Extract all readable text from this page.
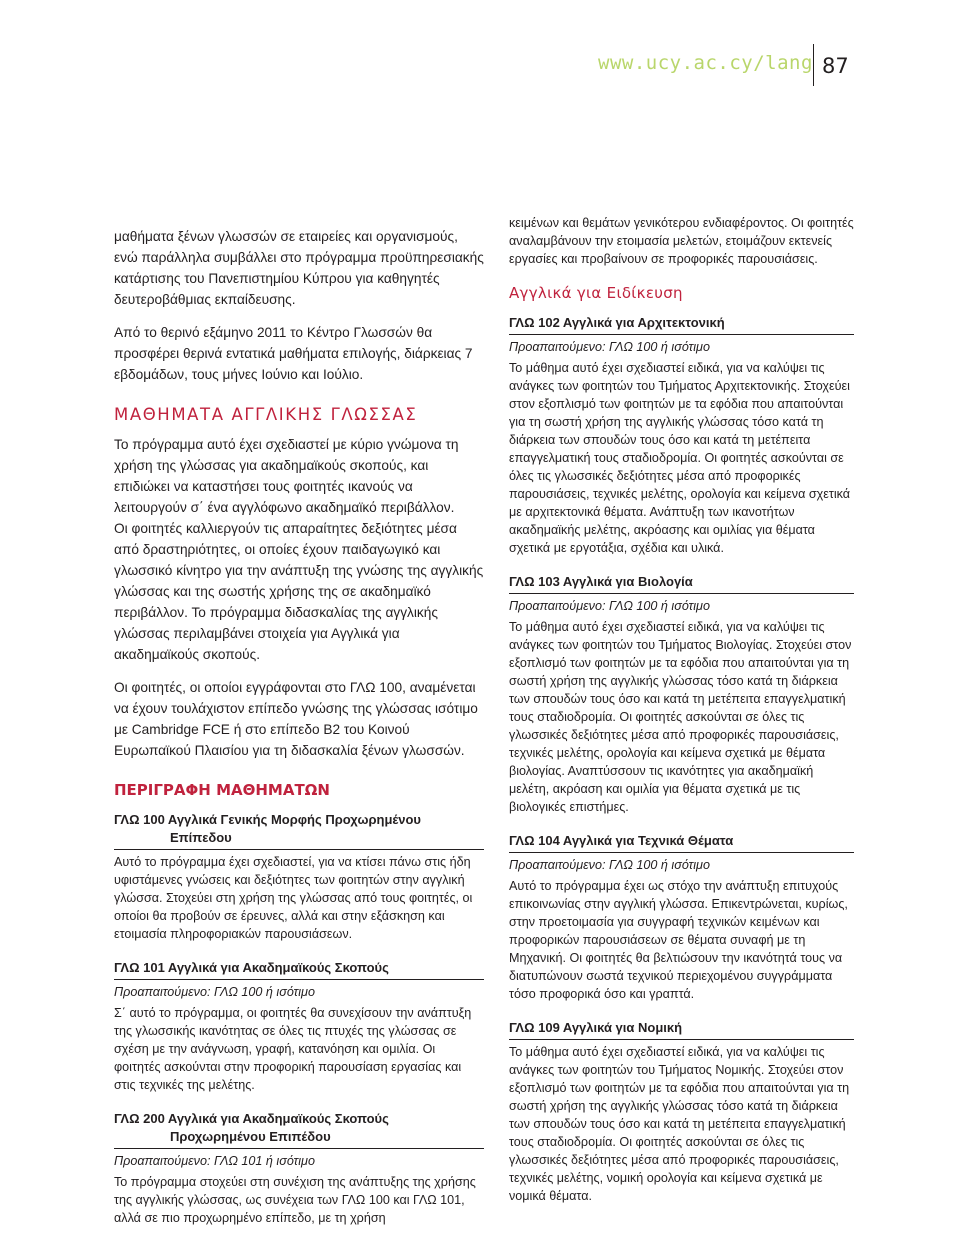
www.ucy.ac.cy/lang 87

μαθήματα ξένων γλωσσών σε εταιρείες και οργανισμούς, ενώ παράλληλα συμβάλλει στο πρόγραμμα προϋπηρεσιακής κατάρτισης του Πανεπιστημίου Κύπρου για καθηγητές δευτεροβάθμιας εκπαίδευσης.

Από το θερινό εξάμηνο 2011 το Κέντρο Γλωσσών θα προσφέρει θερινά εντατικά μαθήματα επιλογής, διάρκειας 7 εβδομάδων, τους μήνες Ιούνιο και Ιούλιο.

ΜΑΘΗΜΑΤΑ ΑΓΓΛΙΚΗΣ ΓΛΩΣΣΑΣ

Το πρόγραμμα αυτό έχει σχεδιαστεί με κύριο γνώμονα τη χρήση της γλώσσας για ακαδημαϊκούς σκοπούς, και επιδιώκει να καταστήσει τους φοιτητές ικανούς να λειτουργούν σ΄ ένα αγγλόφωνο ακαδημαϊκό περιβάλλον.

Οι φοιτητές καλλιεργούν τις απαραίτητες δεξιότητες μέσα από δραστηριότητες, οι οποίες έχουν παιδαγωγικό και γλωσσικό κίνητρο για την ανάπτυξη της γνώσης της αγγλικής γλώσσας και της σωστής χρήσης της σε ακαδημαϊκό περιβάλλον. Το πρόγραμμα διδασκαλίας της αγγλικής γλώσσας περιλαμβάνει στοιχεία για Αγγλικά για ακαδημαϊκούς σκοπούς.

Οι φοιτητές, οι οποίοι εγγράφονται στο ΓΛΩ 100, αναμένεται να έχουν τουλάχιστον επίπεδο γνώσης της γλώσσας ισότιμο με Cambridge FCE ή στο επίπεδο B2 του Κοινού Ευρωπαϊκού Πλαισίου για τη διδασκαλία ξένων γλωσσών.

ΠΕΡΙΓΡΑΦΗ ΜΑΘΗΜΑΤΩΝ
ΓΛΩ 100 Αγγλικά Γενικής Μορφής Προχωρημένου
Επίπεδου

Αυτό το πρόγραμμα έχει σχεδιαστεί, για να κτίσει πάνω στις ήδη υφιστάμενες γνώσεις και δεξιότητες των φοιτητών στην αγγλική γλώσσα. Στοχεύει στη χρήση της γλώσσας από τους φοιτητές, οι οποίοι θα προβούν σε έρευνες, αλλά και στην εξάσκηση και ετοιμασία πληροφοριακών παρουσιάσεων.

ΓΛΩ 101 Αγγλικά για Ακαδημαϊκούς Σκοπούς

Προαπαιτούμενο: ΓΛΩ 100 ή ισότιμο

Σ΄ αυτό το πρόγραμμα, οι φοιτητές θα συνεχίσουν την ανάπτυξη της γλωσσικής ικανότητας σε όλες τις πτυχές της γλώσσας σε σχέση με την ανάγνωση, γραφή, κατανόηση και ομιλία. Οι φοιτητές ασκούνται στην προφορική παρουσίαση εργασίας και στις τεχνικές της μελέτης.

ΓΛΩ 200 Αγγλικά για Ακαδημαϊκούς Σκοπούς
Προχωρημένου Επιπέδου

Προαπαιτούμενο: ΓΛΩ 101 ή ισότιμο

Το πρόγραμμα στοχεύει στη συνέχιση της ανάπτυξης της χρήσης της αγγλικής γλώσσας, ως συνέχεια των ΓΛΩ 100 και ΓΛΩ 101, αλλά σε πιο προχωρημένο επίπεδο, με τη χρήση

κειμένων και θεμάτων γενικότερου ενδιαφέροντος. Οι φοιτητές αναλαμβάνουν την ετοιμασία μελετών, ετοιμάζουν εκτενείς εργασίες και προβαίνουν σε προφορικές παρουσιάσεις.

Αγγλικά για Ειδίκευση
ΓΛΩ 102 Αγγλικά για Αρχιτεκτονική

Προαπαιτούμενο: ΓΛΩ 100 ή ισότιμο

Το μάθημα αυτό έχει σχεδιαστεί ειδικά, για να καλύψει τις ανάγκες των φοιτητών του Τμήματος Αρχιτεκτονικής. Στοχεύει στον εξοπλισμό των φοιτητών με τα εφόδια που απαιτούνται για τη σωστή χρήση της αγγλικής γλώσσας τόσο κατά τη διάρκεια των σπουδών τους όσο και κατά τη μετέπειτα επαγγελματική τους σταδιοδρομία. Οι φοιτητές ασκούνται σε όλες τις γλωσσικές δεξιότητες μέσα από προφορικές παρουσιάσεις, τεχνικές μελέτης, ορολογία και κείμενα σχετικά με αρχιτεκτονικά θέματα. Ανάπτυξη των ικανοτήτων ακαδημαϊκής μελέτης, ακρόασης και ομιλίας για θέματα σχετικά με εργοτάξια, σχέδια και υλικά.

ΓΛΩ 103 Αγγλικά για Βιολογία

Προαπαιτούμενο: ΓΛΩ 100 ή ισότιμο

Το μάθημα αυτό έχει σχεδιαστεί ειδικά, για να καλύψει τις ανάγκες των φοιτητών του Τμήματος Βιολογίας. Στοχεύει στον εξοπλισμό των φοιτητών με τα εφόδια που απαιτούνται για τη σωστή χρήση της αγγλικής γλώσσας τόσο κατά τη διάρκεια των σπουδών τους όσο και κατά τη μετέπειτα επαγγελματική τους σταδιοδρομία. Οι φοιτητές ασκούνται σε όλες τις γλωσσικές δεξιότητες μέσα από προφορικές παρουσιάσεις, τεχνικές μελέτης, ορολογία και κείμενα σχετικά με θέματα βιολογίας. Αναπτύσσουν τις ικανότητες για ακαδημαϊκή μελέτη, ακρόαση και ομιλία για θέματα σχετικά με τις βιολογικές επιστήμες.

ΓΛΩ 104 Αγγλικά για Τεχνικά Θέματα

Προαπαιτούμενο: ΓΛΩ 100 ή ισότιμο

Αυτό το πρόγραμμα έχει ως στόχο την ανάπτυξη επιτυχούς επικοινωνίας στην αγγλική γλώσσα. Επικεντρώνεται, κυρίως, στην προετοιμασία για συγγραφή τεχνικών κειμένων και προφορικών παρουσιάσεων σε θέματα συναφή με τη Μηχανική. Οι φοιτητές θα βελτιώσουν την ικανότητά τους να διατυπώνουν σωστά τεχνικού περιεχομένου συγγράμματα τόσο προφορικά όσο και γραπτά.

ΓΛΩ 109 Αγγλικά για Νομική

Το μάθημα αυτό έχει σχεδιαστεί ειδικά, για να καλύψει τις ανάγκες των φοιτητών του Τμήματος Νομικής. Στοχεύει στον εξοπλισμό των φοιτητών με τα εφόδια που απαιτούνται για τη σωστή χρήση της αγγλικής γλώσσας τόσο κατά τη διάρκεια των σπουδών τους όσο και κατά τη μετέπειτα επαγγελματική τους σταδιοδρομία. Οι φοιτητές ασκούνται σε όλες τις γλωσσικές δεξιότητες μέσα από προφορικές παρουσιάσεις, τεχνικές μελέτης, νομική ορολογία και κείμενα σχετικά με νομικά θέματα.
